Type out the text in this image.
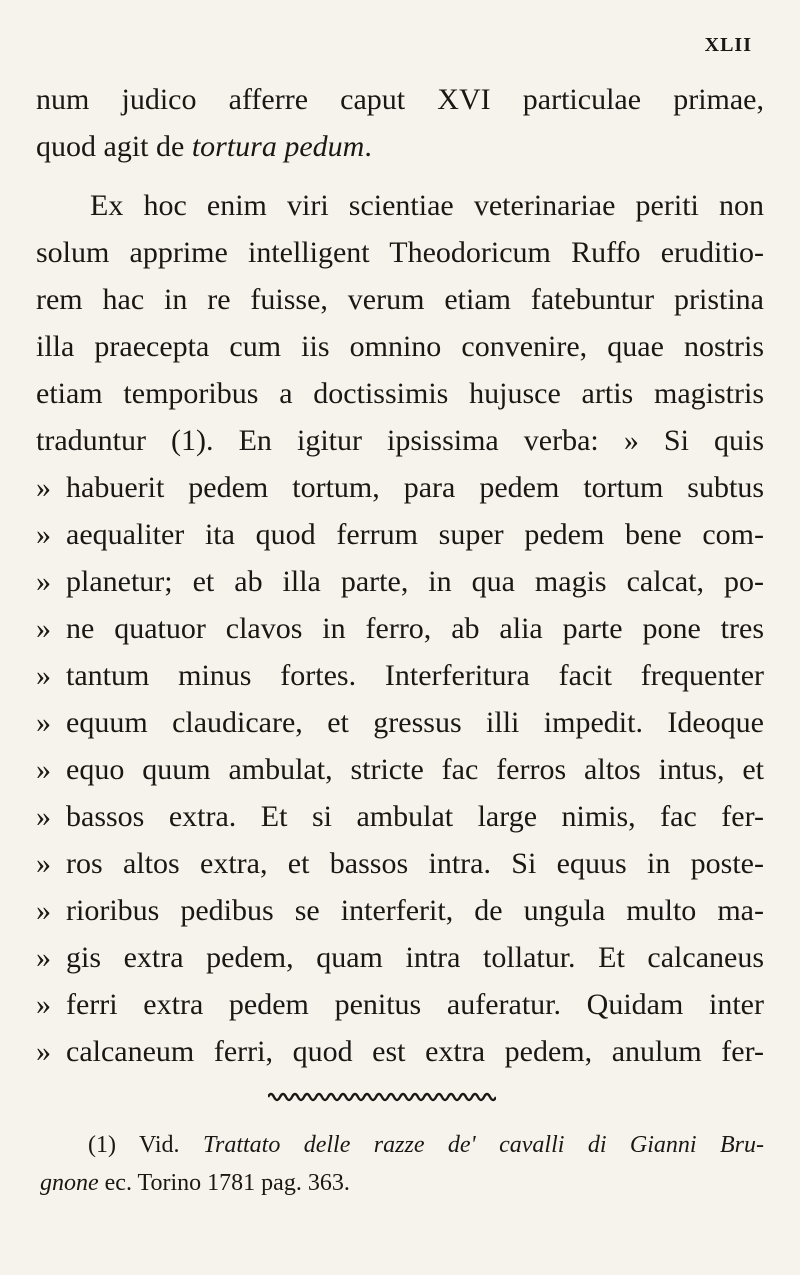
XLII
num judico afferre caput XVI particulae primae,
quod agit de tortura pedum.
Ex hoc enim viri scientiae veterinariae periti non
solum apprime intelligent Theodoricum Ruffo eruditio-
rem hac in re fuisse, verum etiam fatebuntur pristina
illa praecepta cum iis omnino convenire, quae nostris
etiam temporibus a doctissimis hujusce artis magistris
traduntur (1). En igitur ipsissima verba: » Si quis
» habuerit pedem tortum, para pedem tortum subtus
» aequaliter ita quod ferrum super pedem bene com-
» planetur; et ab illa parte, in qua magis calcat, po-
» ne quatuor clavos in ferro, ab alia parte pone tres
» tantum minus fortes. Interferitura facit frequenter
» equum claudicare, et gressus illi impedit. Ideoque
» equo quum ambulat, stricte fac ferros altos intus, et
» bassos extra. Et si ambulat large nimis, fac fer-
» ros altos extra, et bassos intra. Si equus in poste-
» rioribus pedibus se interferit, de ungula multo ma-
» gis extra pedem, quam intra tollatur. Et calcaneus
» ferri extra pedem penitus auferatur. Quidam inter
» calcaneum ferri, quod est extra pedem, anulum fer-
(1) Vid. Trattato delle razze de' cavalli di Gianni Bru-
gnone ec. Torino 1781 pag. 363.
